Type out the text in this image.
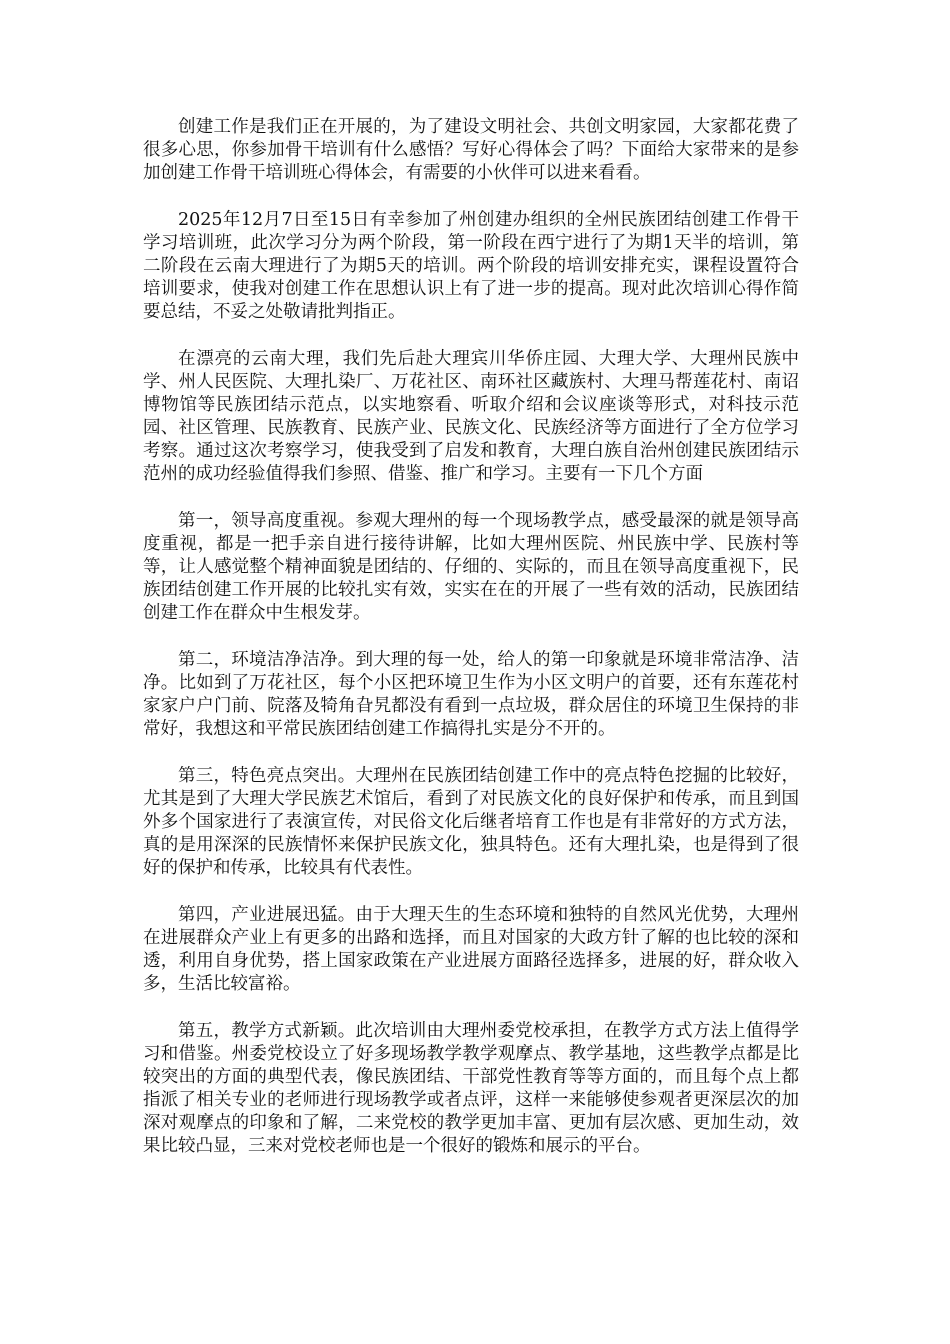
创建工作是我们正在开展的，为了建设文明社会、共创文明家园，大家都花费了很多心思，你参加骨干培训有什么感悟？写好心得体会了吗？下面给大家带来的是参加创建工作骨干培训班心得体会，有需要的小伙伴可以进来看看。

2025年12月7日至15日有幸参加了州创建办组织的全州民族团结创建工作骨干学习培训班，此次学习分为两个阶段，第一阶段在西宁进行了为期1天半的培训，第二阶段在云南大理进行了为期5天的培训。两个阶段的培训安排充实，课程设置符合培训要求，使我对创建工作在思想认识上有了进一步的提高。现对此次培训心得作简要总结，不妥之处敬请批判指正。

在漂亮的云南大理，我们先后赴大理宾川华侨庄园、大理大学、大理州民族中学、州人民医院、大理扎染厂、万花社区、南环社区藏族村、大理马帮莲花村、南诏博物馆等民族团结示范点，以实地察看、听取介绍和会议座谈等形式，对科技示范园、社区管理、民族教育、民族产业、民族文化、民族经济等方面进行了全方位学习考察。通过这次考察学习，使我受到了启发和教育，大理白族自治州创建民族团结示范州的成功经验值得我们参照、借鉴、推广和学习。主要有一下几个方面

第一，领导高度重视。参观大理州的每一个现场教学点，感受最深的就是领导高度重视，都是一把手亲自进行接待讲解，比如大理州医院、州民族中学、民族村等等，让人感觉整个精神面貌是团结的、仔细的、实际的，而且在领导高度重视下，民族团结创建工作开展的比较扎实有效，实实在在的开展了一些有效的活动，民族团结创建工作在群众中生根发芽。

第二，环境洁净洁净。到大理的每一处，给人的第一印象就是环境非常洁净、洁净。比如到了万花社区，每个小区把环境卫生作为小区文明户的首要，还有东莲花村家家户户门前、院落及犄角旮旯都没有看到一点垃圾，群众居住的环境卫生保持的非常好，我想这和平常民族团结创建工作搞得扎实是分不开的。

第三，特色亮点突出。大理州在民族团结创建工作中的亮点特色挖掘的比较好，尤其是到了大理大学民族艺术馆后，看到了对民族文化的良好保护和传承，而且到国外多个国家进行了表演宣传，对民俗文化后继者培育工作也是有非常好的方式方法，真的是用深深的民族情怀来保护民族文化，独具特色。还有大理扎染，也是得到了很好的保护和传承，比较具有代表性。

第四，产业进展迅猛。由于大理天生的生态环境和独特的自然风光优势，大理州在进展群众产业上有更多的出路和选择，而且对国家的大政方针了解的也比较的深和透，利用自身优势，搭上国家政策在产业进展方面路径选择多，进展的好，群众收入多，生活比较富裕。

第五，教学方式新颖。此次培训由大理州委党校承担，在教学方式方法上值得学习和借鉴。州委党校设立了好多现场教学教学观摩点、教学基地，这些教学点都是比较突出的方面的典型代表，像民族团结、干部党性教育等等方面的，而且每个点上都指派了相关专业的老师进行现场教学或者点评，这样一来能够使参观者更深层次的加深对观摩点的印象和了解，二来党校的教学更加丰富、更加有层次感、更加生动，效果比较凸显，三来对党校老师也是一个很好的锻炼和展示的平台。
